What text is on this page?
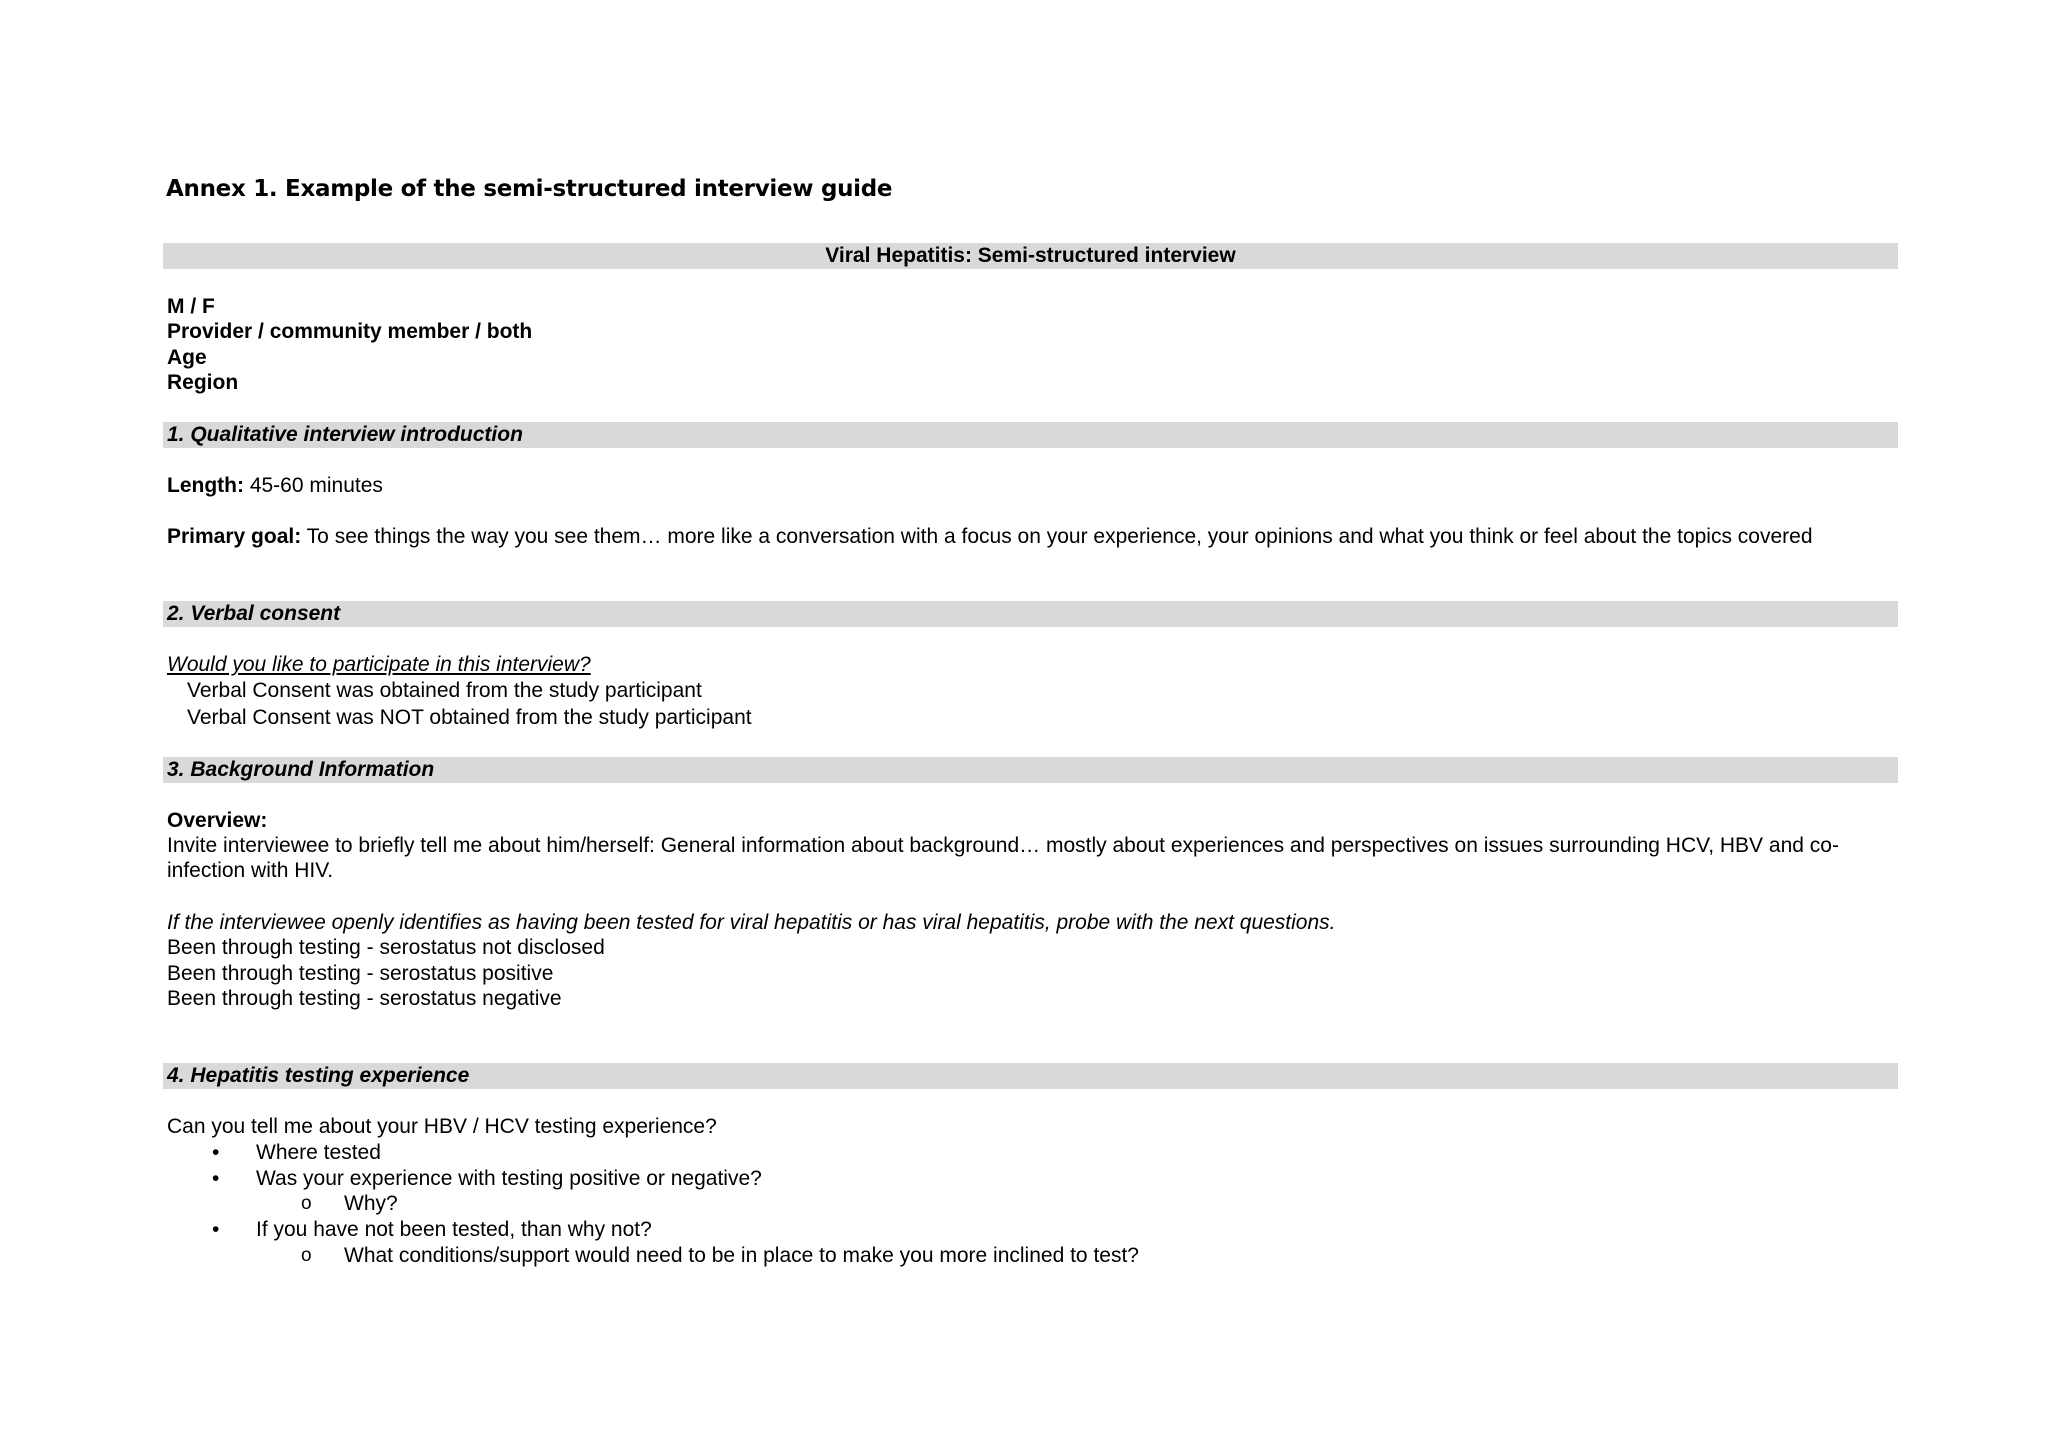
Annex 1. Example of the semi-structured interview guide
Viral Hepatitis: Semi-structured interview
M / F
Provider / community member / both
Age
Region
1. Qualitative interview introduction
Length: 45-60 minutes
Primary goal: To see things the way you see them… more like a conversation with a focus on your experience, your opinions and what you think or feel about the topics covered
2. Verbal consent
Would you like to participate in this interview?
Verbal Consent was obtained from the study participant
Verbal Consent was NOT obtained from the study participant
3. Background Information
Overview:
Invite interviewee to briefly tell me about him/herself: General information about background… mostly about experiences and perspectives on issues surrounding HCV, HBV and co-infection with HIV.
If the interviewee openly identifies as having been tested for viral hepatitis or has viral hepatitis, probe with the next questions.
Been through testing - serostatus not disclosed
Been through testing - serostatus positive
Been through testing - serostatus negative
4. Hepatitis testing experience
Can you tell me about your HBV / HCV testing experience?
• Where tested
• Was your experience with testing positive or negative?
o Why?
• If you have not been tested, than why not?
o What conditions/support would need to be in place to make you more inclined to test?
